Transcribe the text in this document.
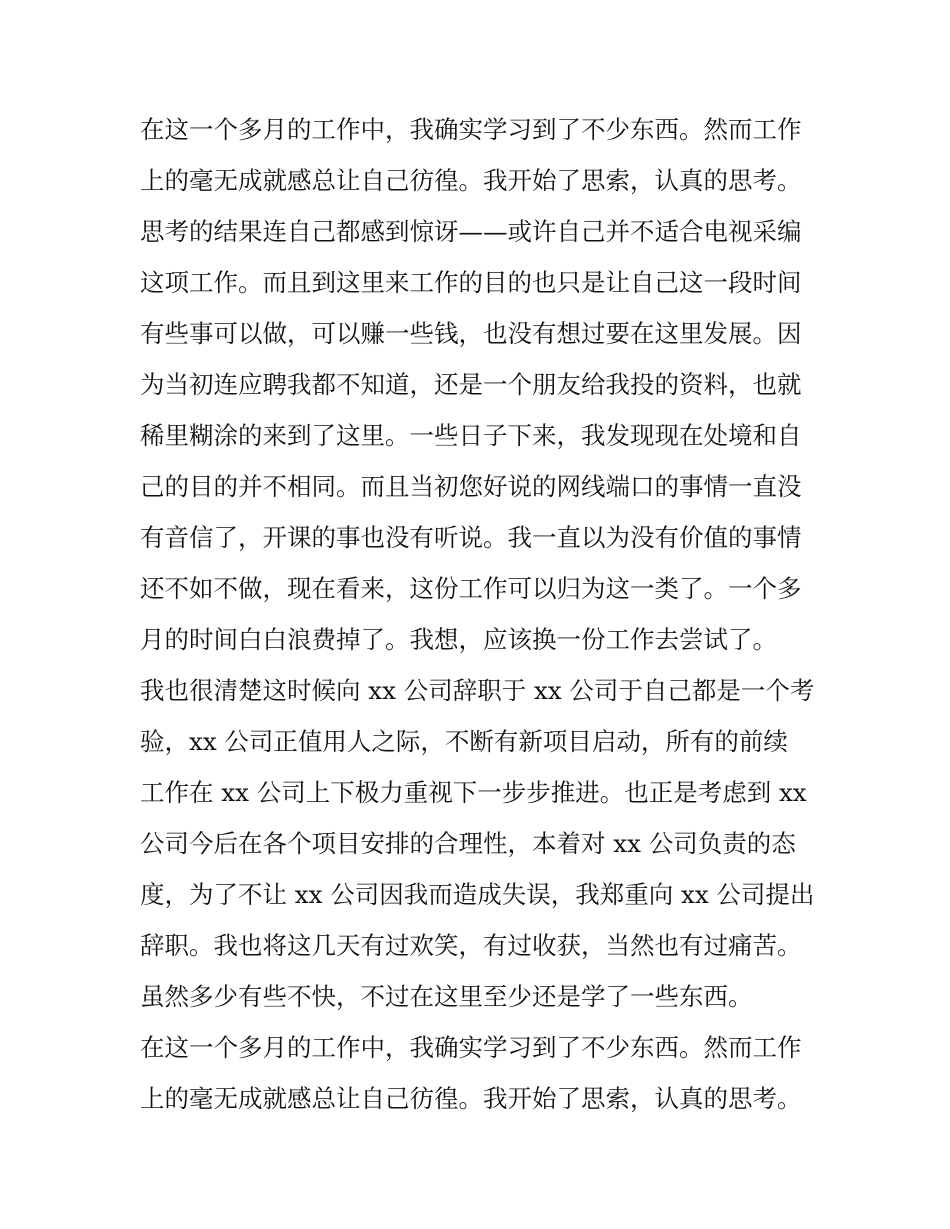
在这一个多月的工作中，我确实学习到了不少东西。然而工作
上的毫无成就感总让自己彷徨。我开始了思索，认真的思考。
思考的结果连自己都感到惊讶——或许自己并不适合电视采编
这项工作。而且到这里来工作的目的也只是让自己这一段时间
有些事可以做，可以赚一些钱，也没有想过要在这里发展。因
为当初连应聘我都不知道，还是一个朋友给我投的资料，也就
稀里糊涂的来到了这里。一些日子下来，我发现现在处境和自
己的目的并不相同。而且当初您好说的网线端口的事情一直没
有音信了，开课的事也没有听说。我一直以为没有价值的事情
还不如不做，现在看来，这份工作可以归为这一类了。一个多
月的时间白白浪费掉了。我想，应该换一份工作去尝试了。
我也很清楚这时候向 xx 公司辞职于 xx 公司于自己都是一个考
验，xx 公司正值用人之际，不断有新项目启动，所有的前续
工作在 xx 公司上下极力重视下一步步推进。也正是考虑到 xx
公司今后在各个项目安排的合理性，本着对 xx 公司负责的态
度，为了不让 xx 公司因我而造成失误，我郑重向 xx 公司提出
辞职。我也将这几天有过欢笑，有过收获，当然也有过痛苦。
虽然多少有些不快，不过在这里至少还是学了一些东西。
在这一个多月的工作中，我确实学习到了不少东西。然而工作
上的毫无成就感总让自己彷徨。我开始了思索，认真的思考。
